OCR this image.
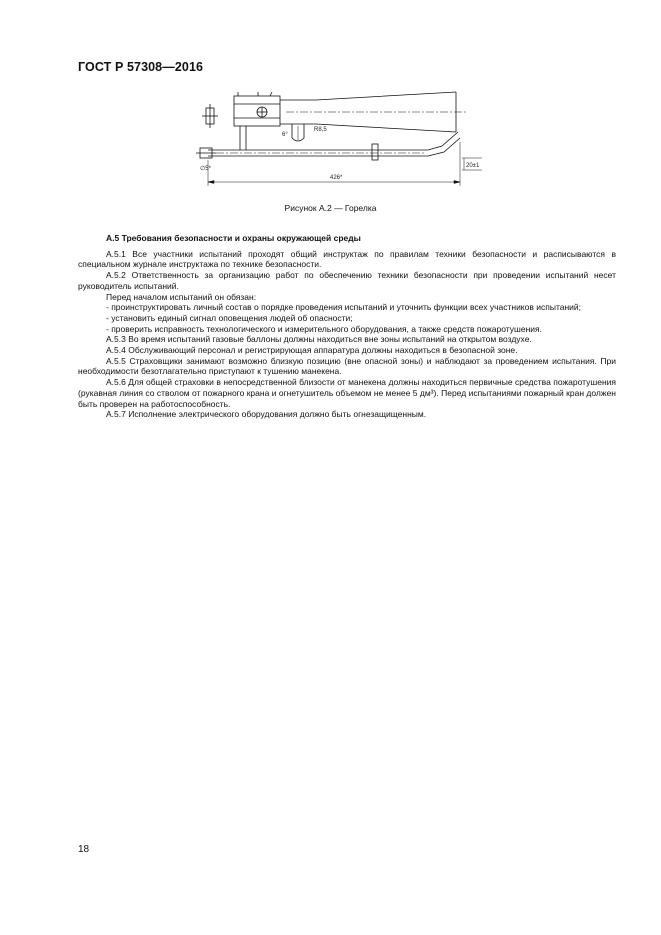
ГОСТ Р 57308—2016
426*
20±1
R8,5
6°
∅5*
Рисунок А.2 — Горелка
А.5 Требования безопасности и охраны окружающей среды

А.5.1 Все участники испытаний проходят общий инструктаж по правилам техники безопасности и расписываются в специальном журнале инструктажа по технике безопасности.

А.5.2 Ответственность за организацию работ по обеспечению техники безопасности при проведении испытаний несет руководитель испытаний.

Перед началом испытаний он обязан:

- проинструктировать личный состав о порядке проведения испытаний и уточнить функции всех участников испытаний;

- установить единый сигнал оповещения людей об опасности;

- проверить исправность технологического и измерительного оборудования, а также средств пожаротушения.

А.5.3 Во время испытаний газовые баллоны должны находиться вне зоны испытаний на открытом воздухе.

А.5.4 Обслуживающий персонал и регистрирующая аппаратура должны находиться в безопасной зоне.

А.5.5 Страховщики занимают возможно близкую позицию (вне опасной зоны) и наблюдают за проведением испытания. При необходимости безотлагательно приступают к тушению манекена.

А.5.6 Для общей страховки в непосредственной близости от манекена должны находиться первичные средства пожаротушения (рукавная линия со стволом от пожарного крана и огнетушитель объемом не менее 5 дм³). Перед испытаниями пожарный кран должен быть проверен на работоспособность.

А.5.7 Исполнение электрического оборудования должно быть огнезащищенным.

18
